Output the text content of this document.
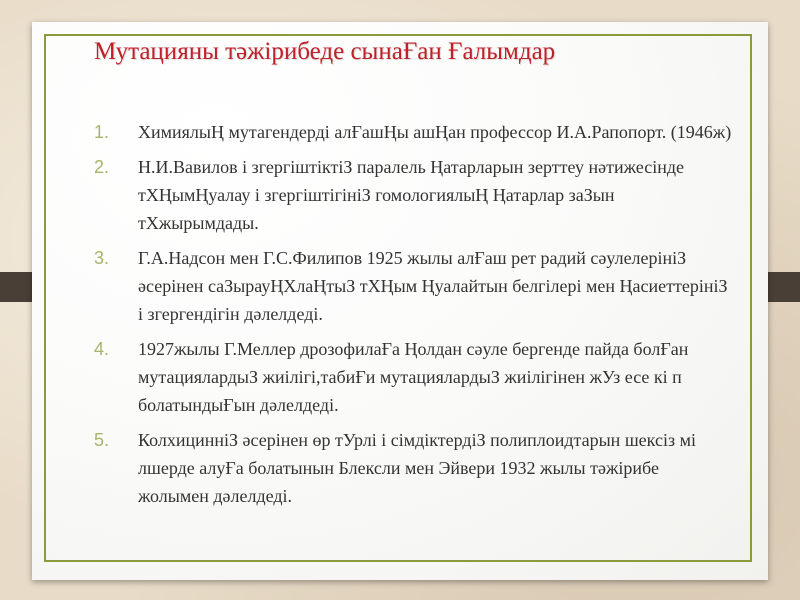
Мутацияны тәжірибеде сынаҒан Ғалымдар
1.	ХимиялыҢ мутагендерді алҒашҢы ашҢан профессор И.А.Рапопорт. (1946ж)
2.	Н.И.Вавилов і згергіштіктіЗ паралель Ңатарларын зерттеу нәтижесінде тХҢымҢуалау і згергіштігініЗ гомологиялыҢ Ңатарлар заЗын тХжырымдады.
3.	Г.А.Надсон мен Г.С.Филипов 1925 жылы алҒаш рет радий сәулелерініЗ әсерінен саЗырауҢХлаҢтыЗ тХҢым Ңуалайтын белгілері мен ҢасиеттерініЗ і згергендігін дәлелдеді.
4.	1927жылы Г.Меллер дрозофилаҒа Ңолдан сәуле бергенде пайда болҒан мутациялардыЗ жиілігі,табиҒи мутациялардыЗ жиілігінен жУз есе кі п болатындыҒын дәлелдеді.
5.	КолхициннiЗ әсерінен өр тУрлі і сімдіктердіЗ полиплоидтарын шексіз мі лшерде алуҒа болатынын Блексли мен Эйвери 1932 жылы тәжірибе жолымен дәлелдеді.
